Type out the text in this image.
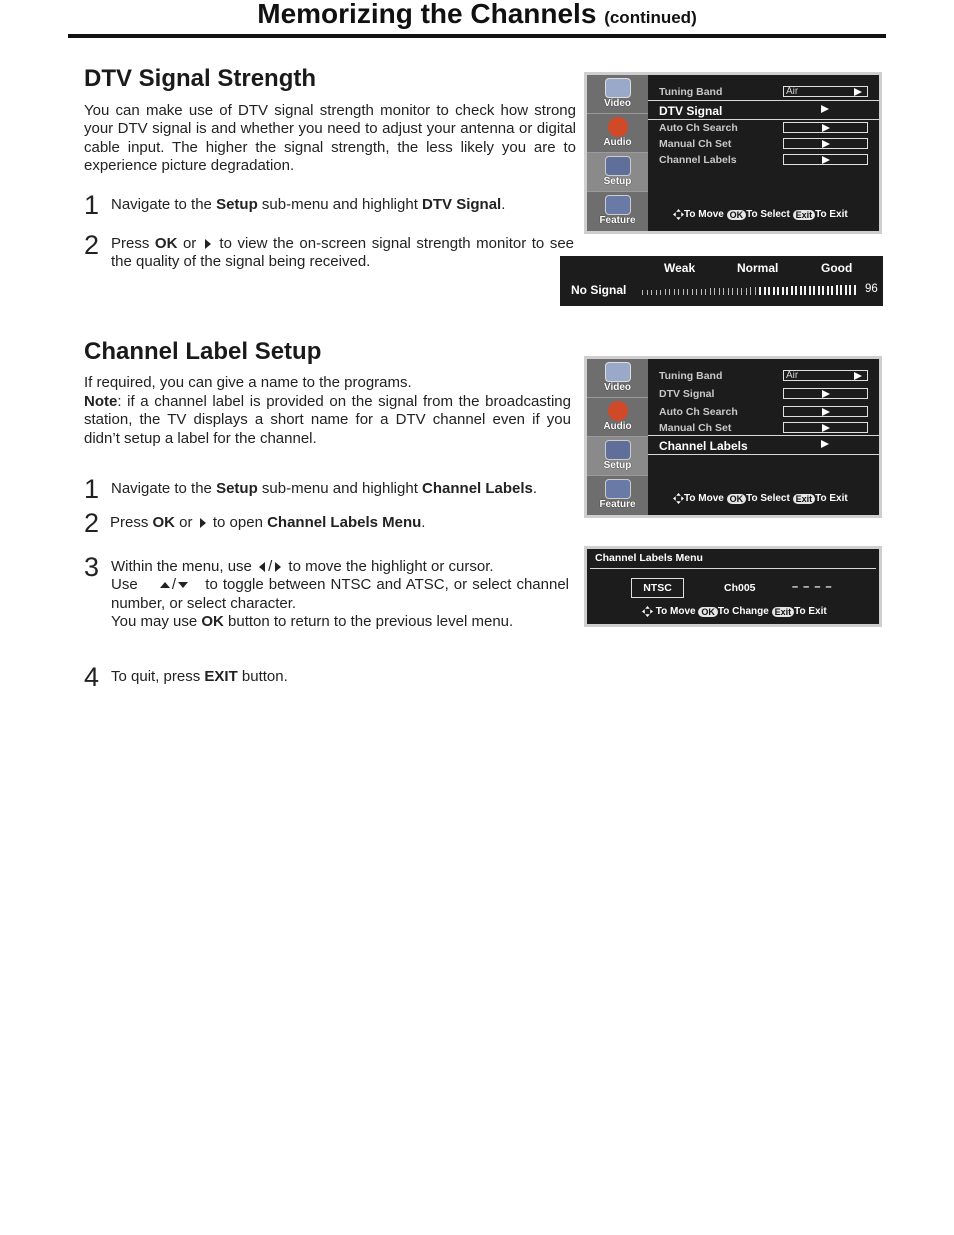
Memorizing the Channels (continued)
DTV Signal Strength

You can make use of DTV signal strength monitor to check how strong your DTV signal is and whether you need to adjust your antenna or digital cable input. The higher the signal strength, the less likely you are to experience picture degradation.

1 Navigate to the Setup sub-menu and highlight DTV Signal.
2 Press OK or  to view the on-screen signal strength monitor to see the quality of the signal being received.
Video
Audio
Setup
Feature
Tuning Band	Air
DTV Signal
Auto Ch Search
Manual Ch Set
Channel Labels
To Move OK To Select Exit To Exit
Weak	Normal	Good
No Signal	96
Channel Label Setup

If required, you can give a name to the programs.

Note: if a channel label is provided on the signal from the broadcasting station, the TV displays a short name for a DTV channel even if you didn’t setup a label for the channel.

1 Navigate to the Setup sub-menu and highlight Channel Labels.
2 Press OK or  to open Channel Labels Menu.
3 Within the menu, use / to move the highlight or cursor.
Use / to toggle between NTSC and ATSC, or select channel number, or select character.
You may use OK button to return to the previous level menu.
4 To quit, press EXIT button.
Video
Audio
Setup
Feature
Tuning Band	Air
DTV Signal
Auto Ch Search
Manual Ch Set
Channel Labels
To Move OK To Select Exit To Exit
Channel Labels Menu
NTSC	Ch005	– – – –
To Move OK To Change Exit To Exit
